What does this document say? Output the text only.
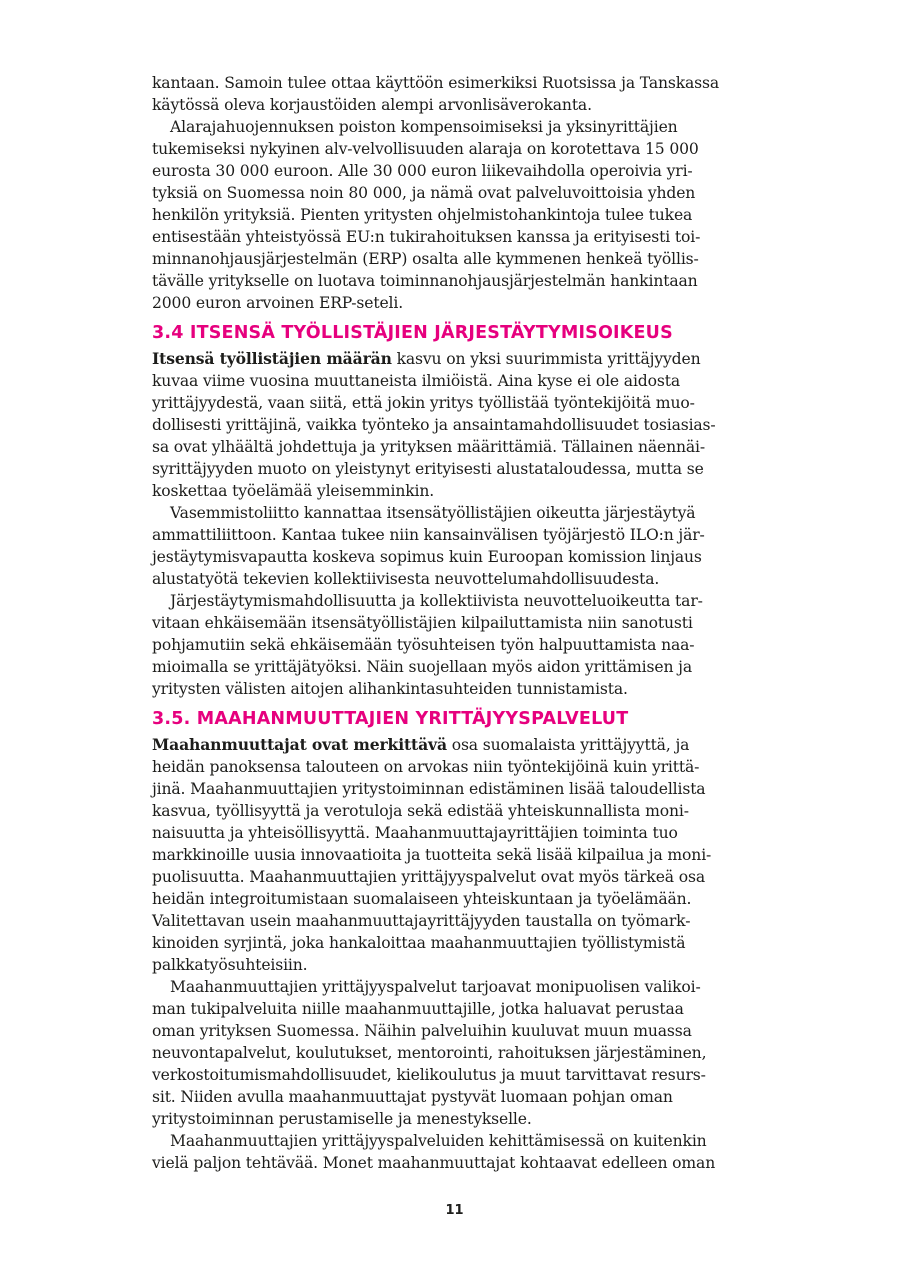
kantaan. Samoin tulee ottaa käyttöön esimerkiksi Ruotsissa ja Tanskassa
käytössä oleva korjaustöiden alempi arvonlisäverokanta.
Alarajahuojennuksen poiston kompensoimiseksi ja yksinyrittäjien
tukemiseksi nykyinen alv-velvollisuuden alaraja on korotettava 15 000
eurosta 30 000 euroon. Alle 30 000 euron liikevaihdolla operoivia yri-
tyksiä on Suomessa noin 80 000, ja nämä ovat palveluvoittoisia yhden
henkilön yrityksiä. Pienten yritysten ohjelmistohankintoja tulee tukea
entisestään yhteistyössä EU:n tukirahoituksen kanssa ja erityisesti toi-
minnanohjausjärjestelmän (ERP) osalta alle kymmenen henkeä työllis-
tävälle yritykselle on luotava toiminnanohjausjärjestelmän hankintaan
2000 euron arvoinen ERP-seteli.
3.4 ITSENSÄ TYÖLLISTÄJIEN JÄRJESTÄYTYMISOIKEUS
Itsensä työllistäjien määrän kasvu on yksi suurimmista yrittäjyyden
kuvaa viime vuosina muuttaneista ilmiöistä. Aina kyse ei ole aidosta
yrittäjyydestä, vaan siitä, että jokin yritys työllistää työntekijöitä muo-
dollisesti yrittäjinä, vaikka työnteko ja ansaintamahdollisuudet tosiasias-
sa ovat ylhäältä johdettuja ja yrityksen määrittämiä. Tällainen näennäi-
syrittäjyyden muoto on yleistynyt erityisesti alustataloudessa, mutta se
koskettaa työelämää yleisemminkin.
Vasemmistoliitto kannattaa itsensätyöllistäjien oikeutta järjestäytyä
ammattiliittoon. Kantaa tukee niin kansainvälisen työjärjestö ILO:n jär-
jestäytymisvapautta koskeva sopimus kuin Euroopan komission linjaus
alustatyötä tekevien kollektiivisesta neuvottelumahdollisuudesta.
Järjestäytymismahdollisuutta ja kollektiivista neuvotteluoikeutta tar-
vitaan ehkäisemään itsensätyöllistäjien kilpailuttamista niin sanotusti
pohjamutiin sekä ehkäisemään työsuhteisen työn halpuuttamista naa-
mioimalla se yrittäjätyöksi. Näin suojellaan myös aidon yrittämisen ja
yritysten välisten aitojen alihankintasuhteiden tunnistamista.
3.5. MAAHANMUUTTAJIEN YRITTÄJYYSPALVELUT
Maahanmuuttajat ovat merkittävä osa suomalaista yrittäjyyttä, ja
heidän panoksensa talouteen on arvokas niin työntekijöinä kuin yrittä-
jinä. Maahanmuuttajien yritystoiminnan edistäminen lisää taloudellista
kasvua, työllisyyttä ja verotuloja sekä edistää yhteiskunnallista moni-
naisuutta ja yhteisöllisyyttä. Maahanmuuttajayrittäjien toiminta tuo
markkinoille uusia innovaatioita ja tuotteita sekä lisää kilpailua ja moni-
puolisuutta. Maahanmuuttajien yrittäjyyspalvelut ovat myös tärkeä osa
heidän integroitumistaan suomalaiseen yhteiskuntaan ja työelämään.
Valitettavan usein maahanmuuttajayrittäjyyden taustalla on työmark-
kinoiden syrjintä, joka hankaloittaa maahanmuuttajien työllistymistä
palkkatyösuhteisiin.
Maahanmuuttajien yrittäjyyspalvelut tarjoavat monipuolisen valikoi-
man tukipalveluita niille maahanmuuttajille, jotka haluavat perustaa
oman yrityksen Suomessa. Näihin palveluihin kuuluvat muun muassa
neuvontapalvelut, koulutukset, mentorointi, rahoituksen järjestäminen,
verkostoitumismahdollisuudet, kielikoulutus ja muut tarvittavat resurs-
sit. Niiden avulla maahanmuuttajat pystyvät luomaan pohjan oman
yritystoiminnan perustamiselle ja menestykselle.
Maahanmuuttajien yrittäjyyspalveluiden kehittämisessä on kuitenkin
vielä paljon tehtävää. Monet maahanmuuttajat kohtaavat edelleen oman
11
